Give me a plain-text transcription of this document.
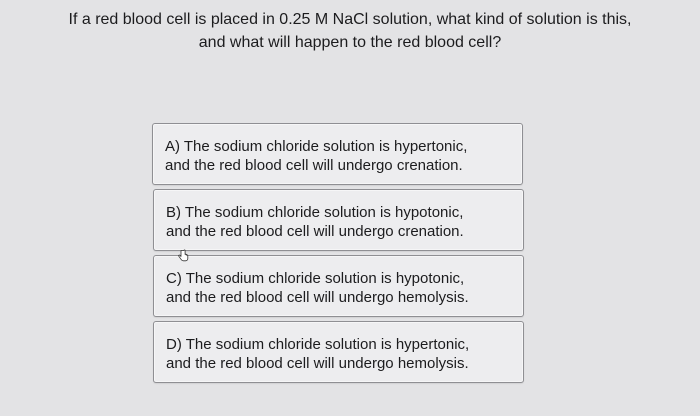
If a red blood cell is placed in 0.25 M NaCl solution, what kind of solution is this,
and what will happen to the red blood cell?
A) The sodium chloride solution is hypertonic,
and the red blood cell will undergo crenation.
B) The sodium chloride solution is hypotonic,
and the red blood cell will undergo crenation.
C) The sodium chloride solution is hypotonic,
and the red blood cell will undergo hemolysis.
D) The sodium chloride solution is hypertonic,
and the red blood cell will undergo hemolysis.
